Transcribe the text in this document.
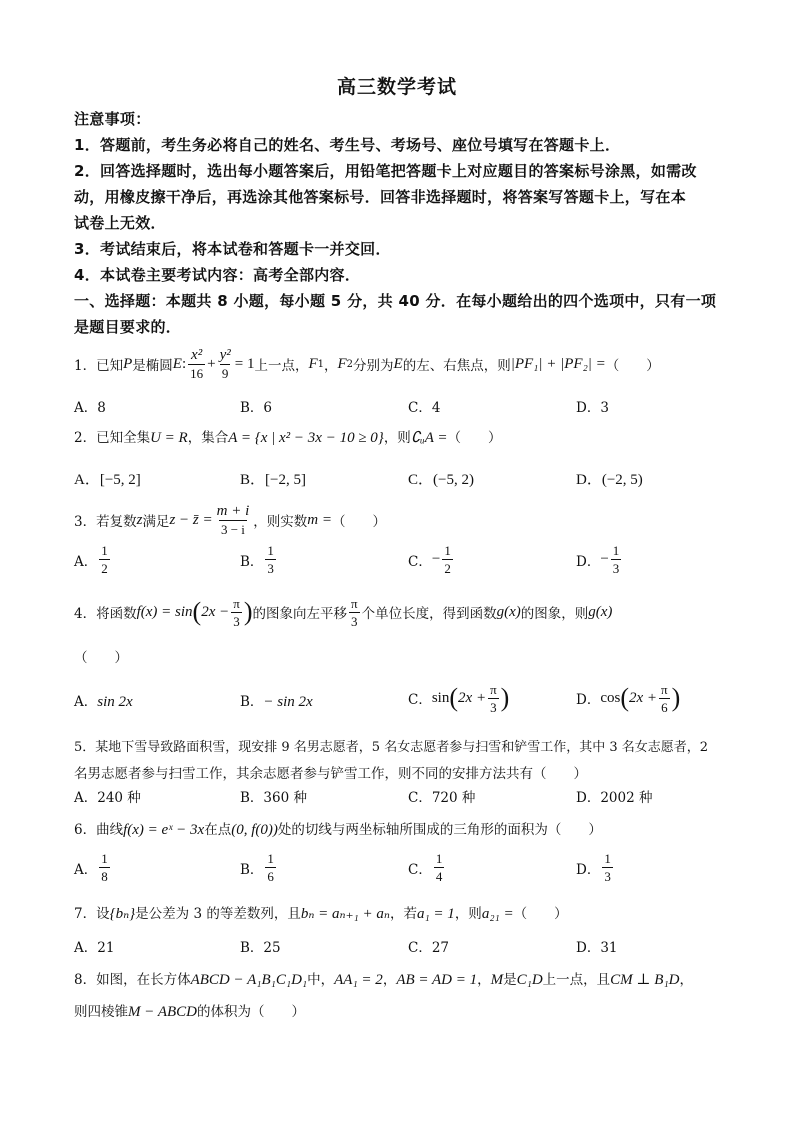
高三数学考试
注意事项：
1．答题前，考生务必将自己的姓名、考生号、考场号、座位号填写在答题卡上．
2．回答选择题时，选出每小题答案后，用铅笔把答题卡上对应题目的答案标号涂黑，如需改
动，用橡皮擦干净后，再选涂其他答案标号．回答非选择题时，将答案写答题卡上，写在本
试卷上无效．
3．考试结束后，将本试卷和答题卡一并交回．
4．本试卷主要考试内容：高考全部内容．
一、选择题：本题共 8 小题，每小题 5 分，共 40 分．在每小题给出的四个选项中，只有一项
是题目要求的．
1．已知 P 是椭圆 E : $\frac{\text{x²}}{16} + \frac{\text{y²}}{9} = 1$ 上一点， F 1 ， F 2 分别为 E 的左、右焦点，则 |PF₁| + |PF₂| = （　　）
A．8	B．6	C．4	D．3
2．已知全集U = R，集合A = {x | x² − 3x − 10 ≥ 0}，则∁ᵤA =（　　）
A．[−5, 2]	B．[−2, 5]	C．(−5, 2)	D．(−2, 5)
3．若复数 z 满足 z − z̄ = $\frac{m + i}{3 - i}$ ，则实数 m = （　　）
A． $\frac{1}{2}$	B． $\frac{1}{3}$	C． − $\frac{1}{2}$	D． − $\frac{1}{3}$
4．将函数 f(x) = sin ( $2x - \frac{\pi}{3}$ ) 的图象向左平移 $\frac{\pi}{3}$ 个单位长度，得到函数 g(x) 的图象，则 g(x)
（　　）
A．sin 2x	B．− sin 2x	C． sin ( $2x + \frac{\pi}{3}$ )	D． cos ( $2x + \frac{\pi}{6}$ )
5．某地下雪导致路面积雪，现安排 9 名男志愿者，5 名女志愿者参与扫雪和铲雪工作，其中 3 名女志愿者，2
名男志愿者参与扫雪工作，其余志愿者参与铲雪工作，则不同的安排方法共有（　　）
A．240 种	B．360 种	C．720 种	D．2002 种
6．曲线f(x) = eˣ − 3x在点(0, f(0))处的切线与两坐标轴所围成的三角形的面积为（　　）
A． $\frac{1}{8}$	B． $\frac{1}{6}$	C． $\frac{1}{4}$	D． $\frac{1}{3}$
7．设{bₙ}是公差为 3 的等差数列，且bₙ = aₙ₊₁ + aₙ，若a₁ = 1，则a₂₁ =（　　）
A．21	B．25	C．27	D．31
8．如图，在长方体ABCD − A₁B₁C₁D₁中，AA₁ = 2，AB = AD = 1，M是C₁D上一点，且CM ⊥ B₁D，
则四棱锥M − ABCD的体积为（　　）
